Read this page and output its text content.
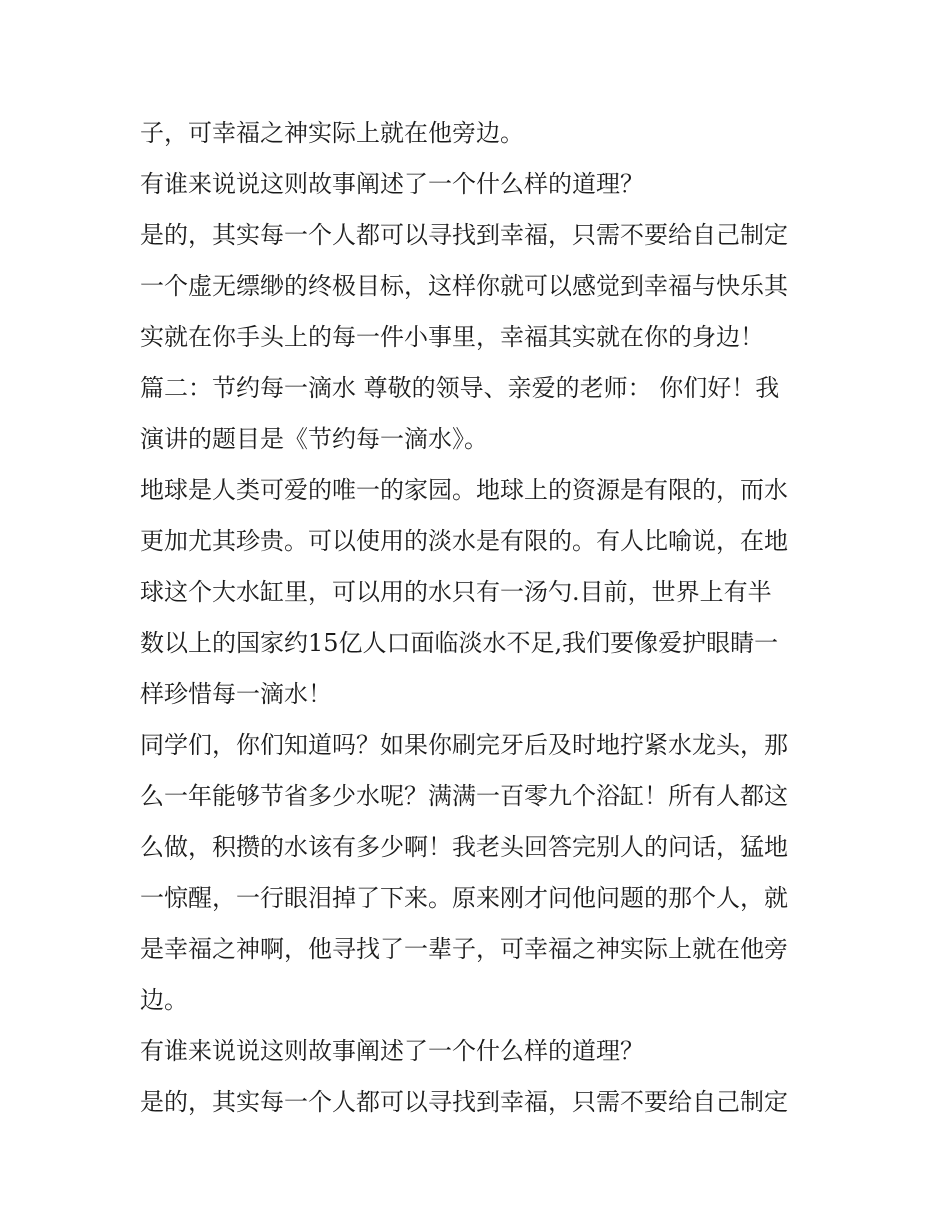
子，可幸福之神实际上就在他旁边。
有谁来说说这则故事阐述了一个什么样的道理？
是的，其实每一个人都可以寻找到幸福，只需不要给自己制定
一个虚无缥缈的终极目标，这样你就可以感觉到幸福与快乐其
实就在你手头上的每一件小事里，幸福其实就在你的身边！
篇二：节约每一滴水 尊敬的领导、亲爱的老师： 你们好！我
演讲的题目是《节约每一滴水》。
地球是人类可爱的唯一的家园。地球上的资源是有限的，而水
更加尤其珍贵。可以使用的淡水是有限的。有人比喻说，在地
球这个大水缸里，可以用的水只有一汤勺.目前，世界上有半
数以上的国家约15亿人口面临淡水不足,我们要像爱护眼睛一
样珍惜每一滴水！
同学们，你们知道吗？如果你刷完牙后及时地拧紧水龙头，那
么一年能够节省多少水呢？满满一百零九个浴缸！所有人都这
么做，积攒的水该有多少啊！我老头回答完别人的问话，猛地
一惊醒，一行眼泪掉了下来。原来刚才问他问题的那个人，就
是幸福之神啊，他寻找了一辈子，可幸福之神实际上就在他旁
边。
有谁来说说这则故事阐述了一个什么样的道理？
是的，其实每一个人都可以寻找到幸福，只需不要给自己制定
